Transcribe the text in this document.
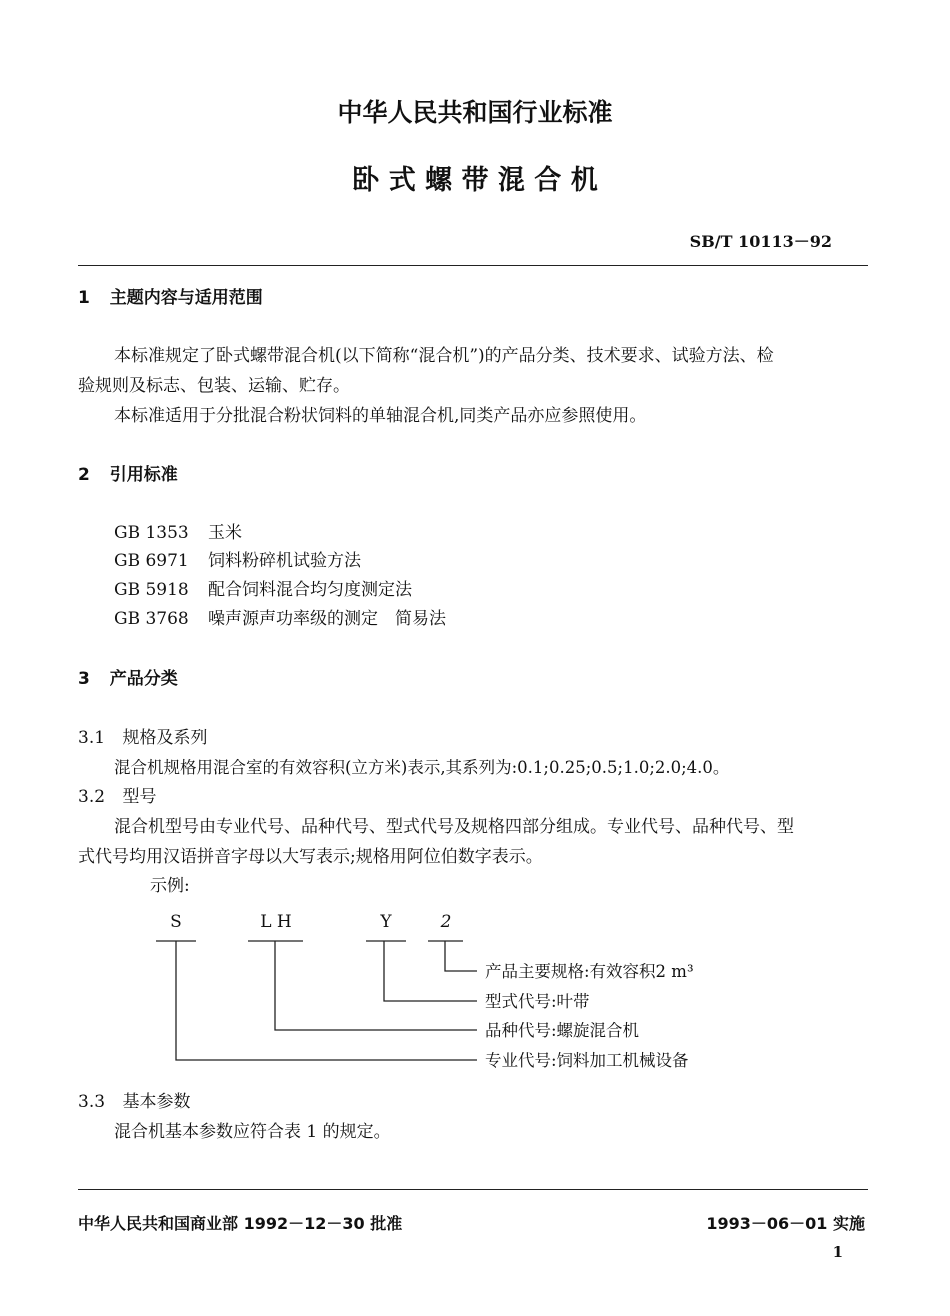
中华人民共和国行业标准
卧 式 螺 带 混 合 机
SB/T 10113－92
1 主题内容与适用范围
本标准规定了卧式螺带混合机(以下简称“混合机”)的产品分类、技术要求、试验方法、检
验规则及标志、包装、运输、贮存。
本标准适用于分批混合粉状饲料的单轴混合机,同类产品亦应参照使用。
2 引用标准
GB 1353 玉米
GB 6971 饲料粉碎机试验方法
GB 5918 配合饲料混合均匀度测定法
GB 3768 噪声源声功率级的测定　简易法
3 产品分类
3.1 规格及系列
混合机规格用混合室的有效容积(立方米)表示,其系列为:0.1;0.25;0.5;1.0;2.0;4.0。
3.2 型号
混合机型号由专业代号、品种代号、型式代号及规格四部分组成。专业代号、品种代号、型
式代号均用汉语拼音字母以大写表示;规格用阿位伯数字表示。
示例:
S	L H	Y	2
产品主要规格:有效容积2 m³
型式代号:叶带
品种代号:螺旋混合机
专业代号:饲料加工机械设备
3.3 基本参数
混合机基本参数应符合表 1 的规定。
中华人民共和国商业部 1992－12－30 批准	1993－06－01 实施
1
